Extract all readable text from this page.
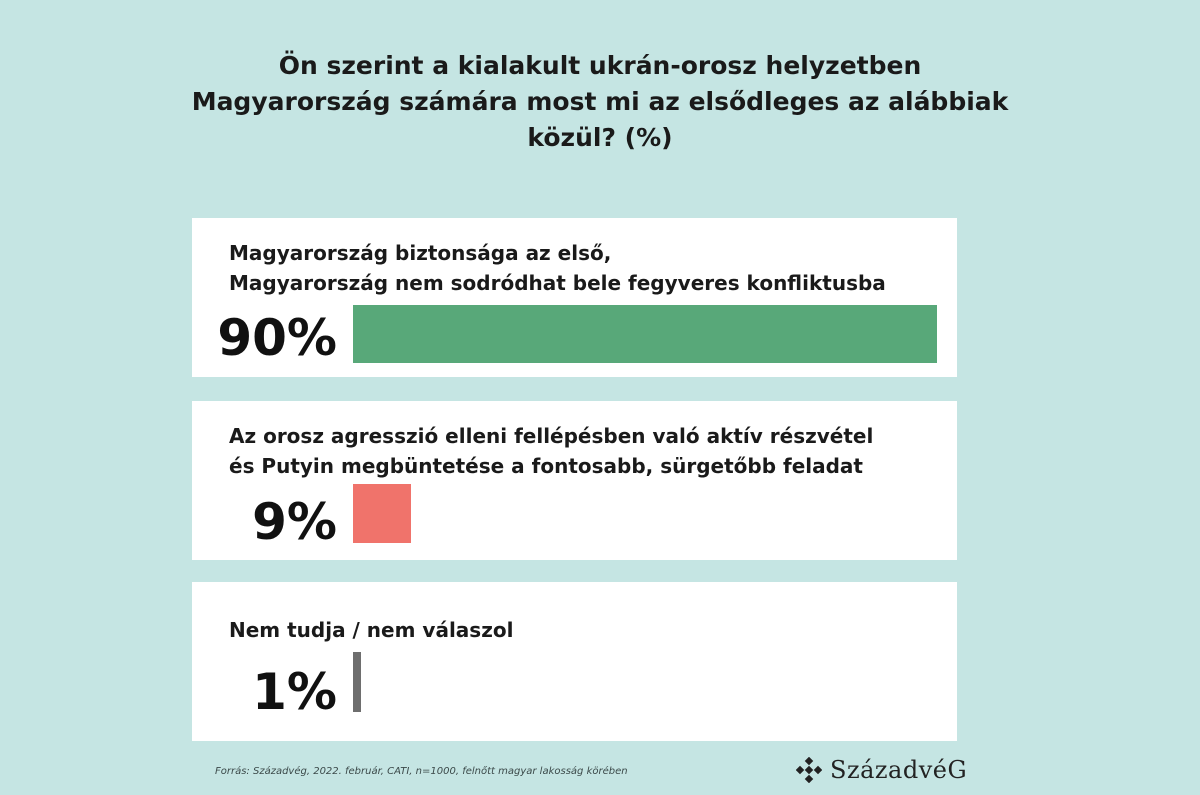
Ön szerint a kialakult ukrán-orosz helyzetben
Magyarország számára most mi az elsődleges az alábbiak
közül? (%)
Magyarország biztonsága az első,
Magyarország nem sodródhat bele fegyveres konfliktusba
90%
Az orosz agresszió elleni fellépésben való aktív részvétel
és Putyin megbüntetése a fontosabb, sürgetőbb feladat
9%
Nem tudja / nem válaszol
1%
Forrás: Századvég, 2022. február, CATI, n=1000, felnőtt magyar lakosság körében	SzázadvéG
